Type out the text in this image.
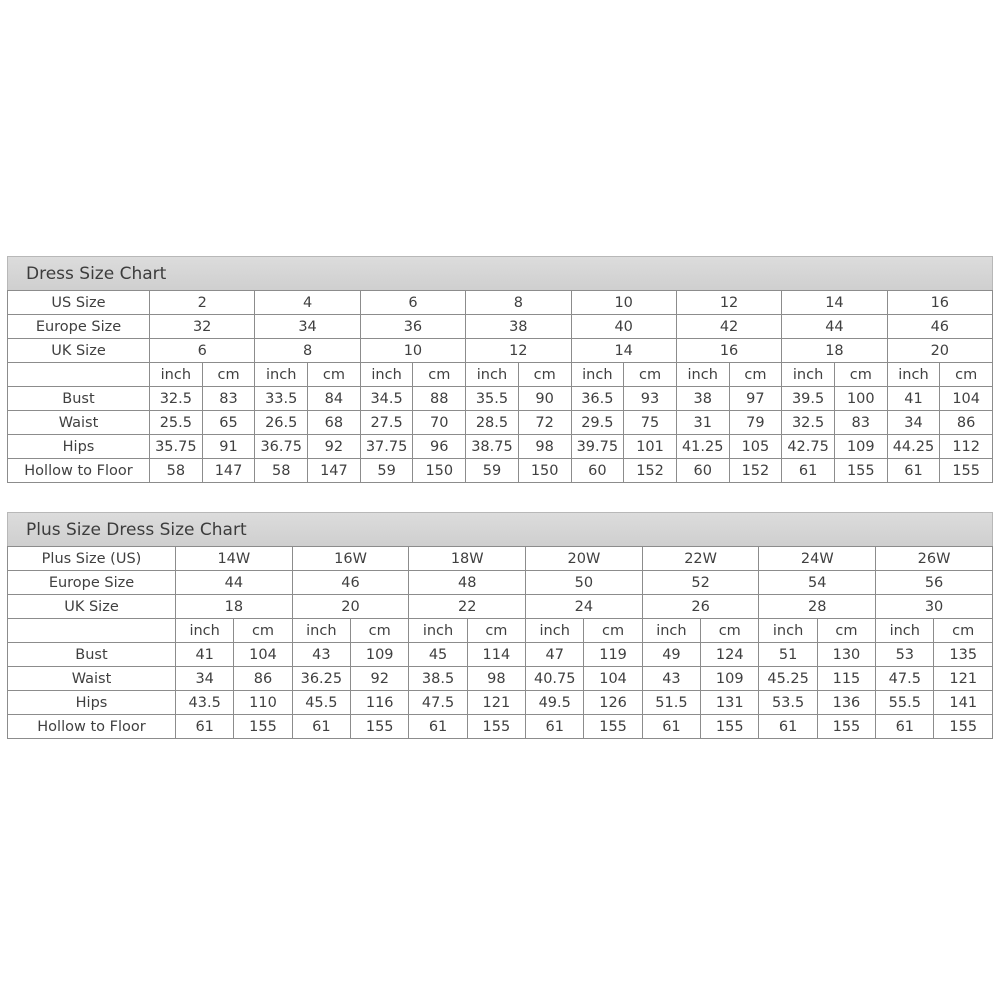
Dress Size Chart
US Size	2		4		6		8		10		12		14		16	
Europe Size	32		34		36		38		40		42		44		46	
UK Size	6		8		10		12		14		16		18		20	
	inch	cm	inch	cm	inch	cm	inch	cm	inch	cm	inch	cm	inch	cm	inch	cm
Bust	32.5	83	33.5	84	34.5	88	35.5	90	36.5	93	38	97	39.5	100	41	104
Waist	25.5	65	26.5	68	27.5	70	28.5	72	29.5	75	31	79	32.5	83	34	86
Hips	35.75	91	36.75	92	37.75	96	38.75	98	39.75	101	41.25	105	42.75	109	44.25	112
Hollow to Floor	58	147	58	147	59	150	59	150	60	152	60	152	61	155	61	155
Plus Size Dress Size Chart
Plus Size (US)	14W		16W		18W		20W		22W		24W		26W	
Europe Size	44		46		48		50		52		54		56	
UK Size	18		20		22		24		26		28		30	
	inch	cm	inch	cm	inch	cm	inch	cm	inch	cm	inch	cm	inch	cm
Bust	41	104	43	109	45	114	47	119	49	124	51	130	53	135
Waist	34	86	36.25	92	38.5	98	40.75	104	43	109	45.25	115	47.5	121
Hips	43.5	110	45.5	116	47.5	121	49.5	126	51.5	131	53.5	136	55.5	141
Hollow to Floor	61	155	61	155	61	155	61	155	61	155	61	155	61	155
